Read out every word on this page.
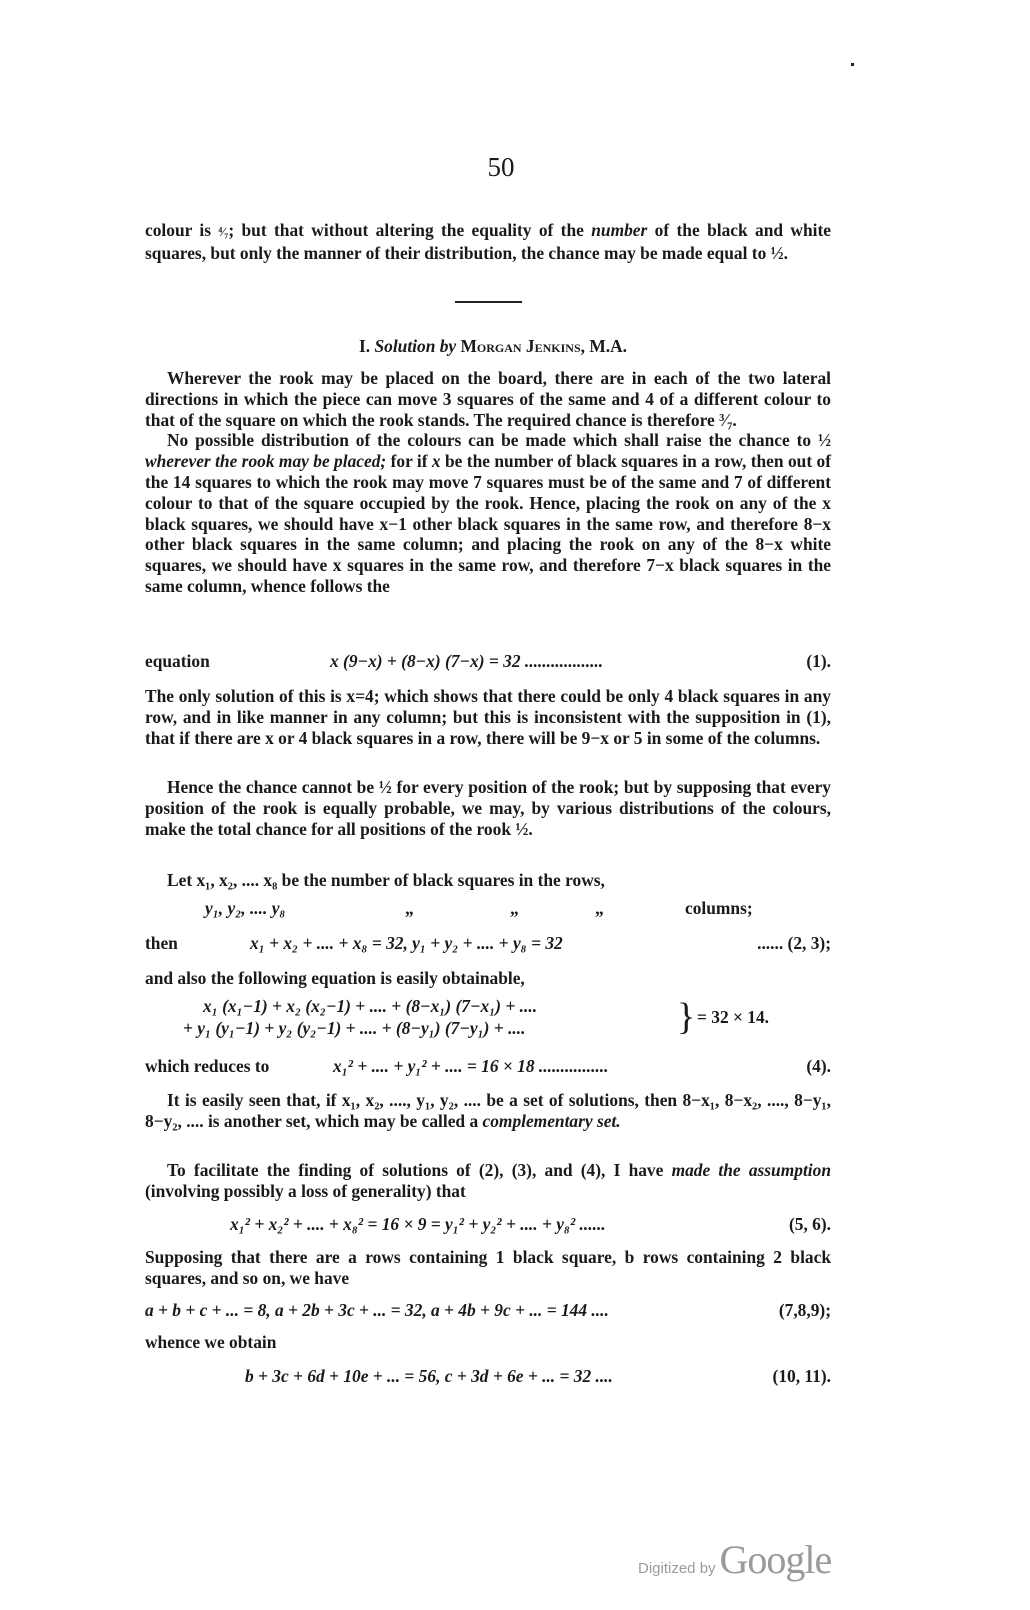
50

colour is ⁴⁄₇; but that without altering the equality of the number of the black and white squares, but only the manner of their distribution, the chance may be made equal to ½.

I. Solution by Morgan Jenkins, M.A.

Wherever the rook may be placed on the board, there are in each of the two lateral directions in which the piece can move 3 squares of the same and 4 of a different colour to that of the square on which the rook stands. The required chance is therefore ³⁄₇.

No possible distribution of the colours can be made which shall raise the chance to ½ wherever the rook may be placed; for if x be the number of black squares in a row, then out of the 14 squares to which the rook may move 7 squares must be of the same and 7 of different colour to that of the square occupied by the rook. Hence, placing the rook on any of the x black squares, we should have x−1 other black squares in the same row, and therefore 8−x other black squares in the same column; and placing the rook on any of the 8−x white squares, we should have x squares in the same row, and therefore 7−x black squares in the same column, whence follows the

equation	x (9−x) + (8−x) (7−x) = 32 ..................	(1).

The only solution of this is x=4; which shows that there could be only 4 black squares in any row, and in like manner in any column; but this is inconsistent with the supposition in (1), that if there are x or 4 black squares in a row, there will be 9−x or 5 in some of the columns.

Hence the chance cannot be ½ for every position of the rook; but by supposing that every position of the rook is equally probable, we may, by various distributions of the colours, make the total chance for all positions of the rook ½.

Let x₁, x₂, .... x₈ be the number of black squares in the rows,

y₁, y₂, .... y₈	„	„	„	columns;
then	x₁ + x₂ + .... + x₈ = 32, y₁ + y₂ + .... + y₈ = 32	...... (2, 3);

and also the following equation is easily obtainable,

x₁ (x₁−1) + x₂ (x₂−1) + .... + (8−x₁) (7−x₁) + ....
+ y₁ (y₁−1) + y₂ (y₂−1) + .... + (8−y₁) (7−y₁) + ....	} = 32 × 14.
which reduces to	x₁² + .... + y₁² + .... = 16 × 18 ................	(4).

It is easily seen that, if x₁, x₂, ...., y₁, y₂, .... be a set of solutions, then 8−x₁, 8−x₂, ...., 8−y₁, 8−y₂, .... is another set, which may be called a complementary set.

To facilitate the finding of solutions of (2), (3), and (4), I have made the assumption (involving possibly a loss of generality) that

x₁² + x₂² + .... + x₈² = 16 × 9 = y₁² + y₂² + .... + y₈² ......	(5, 6).

Supposing that there are a rows containing 1 black square, b rows containing 2 black squares, and so on, we have

a + b + c + ... = 8, a + 2b + 3c + ... = 32, a + 4b + 9c + ... = 144 ....	(7,8,9);

whence we obtain

b + 3c + 6d + 10e + ... = 56, c + 3d + 6e + ... = 32 ....	(10, 11).
Digitized by Google
